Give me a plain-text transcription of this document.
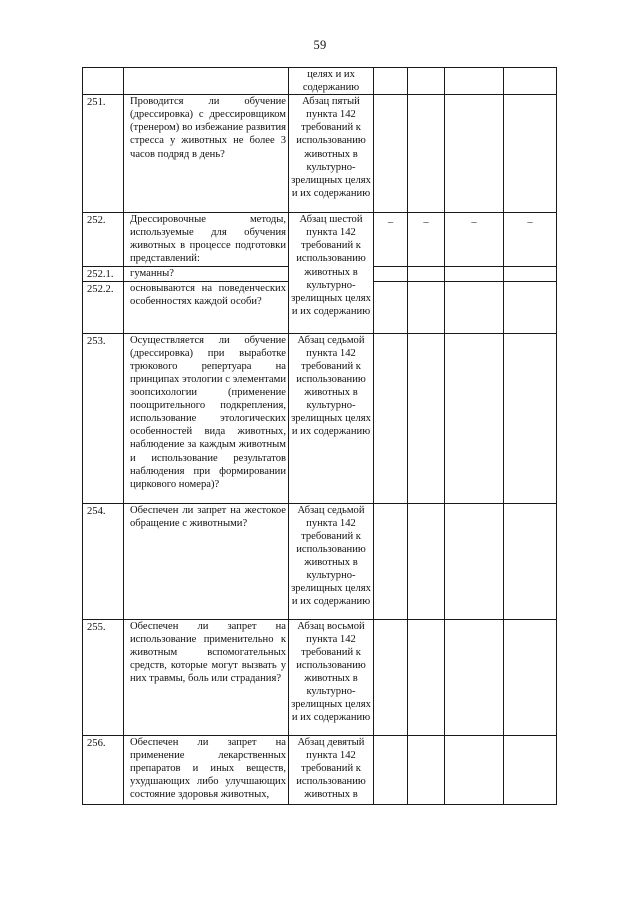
59

		целях и их содержанию				

251.	Проводится ли обучение (дрессировка) с дрессировщиком (тренером) во избежание развития стресса у животных не более 3 часов подряд в день?	Абзац пятый пункта 142 требований к использованию животных в культурно-зрелищных целях и их содержанию				

252.	Дрессировочные методы, используемые для обучения животных в процессе подготовки представлений:	Абзац шестой пункта 142 требований к использованию животных в культурно-зрелищных целях и их содержанию	–	–	–	–

252.1.	гуманны?					

252.2.	основываются на поведенческих особенностях каждой особи?					

253.	Осуществляется ли обучение (дрессировка) при выработке трюкового репертуара на принципах этологии с элементами зоопсихологии (применение поощрительного подкрепления, использование этологических особенностей вида животных, наблюдение за каждым животным и использование результатов наблюдения при формировании циркового номера)?	Абзац седьмой пункта 142 требований к использованию животных в культурно-зрелищных целях и их содержанию				

254.	Обеспечен ли запрет на жестокое обращение с животными?	Абзац седьмой пункта 142 требований к использованию животных в культурно-зрелищных целях и их содержанию				

255.	Обеспечен ли запрет на использование применительно к животным вспомогательных средств, которые могут вызвать у них травмы, боль или страдания?	Абзац восьмой пункта 142 требований к использованию животных в культурно-зрелищных целях и их содержанию				

256.	Обеспечен ли запрет на применение лекарственных препаратов и иных веществ, ухудшающих либо улучшающих состояние здоровья животных,	Абзац девятый пункта 142 требований к использованию животных в				
